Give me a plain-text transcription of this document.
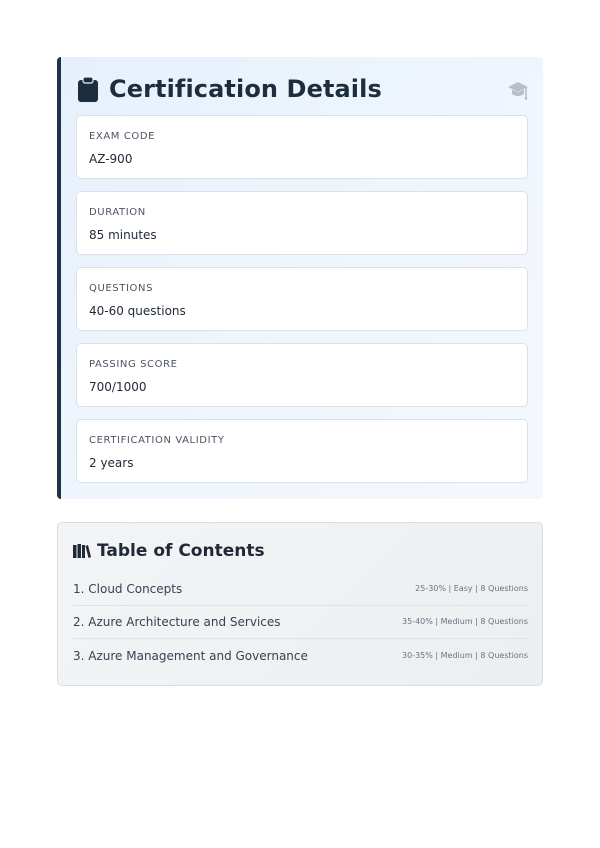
Certification Details
EXAM CODE
AZ-900
DURATION
85 minutes
QUESTIONS
40-60 questions
PASSING SCORE
700/1000
CERTIFICATION VALIDITY
2 years
Table of Contents
1. Cloud Concepts	25-30% | Easy | 8 Questions
2. Azure Architecture and Services	35-40% | Medium | 8 Questions
3. Azure Management and Governance	30-35% | Medium | 8 Questions
